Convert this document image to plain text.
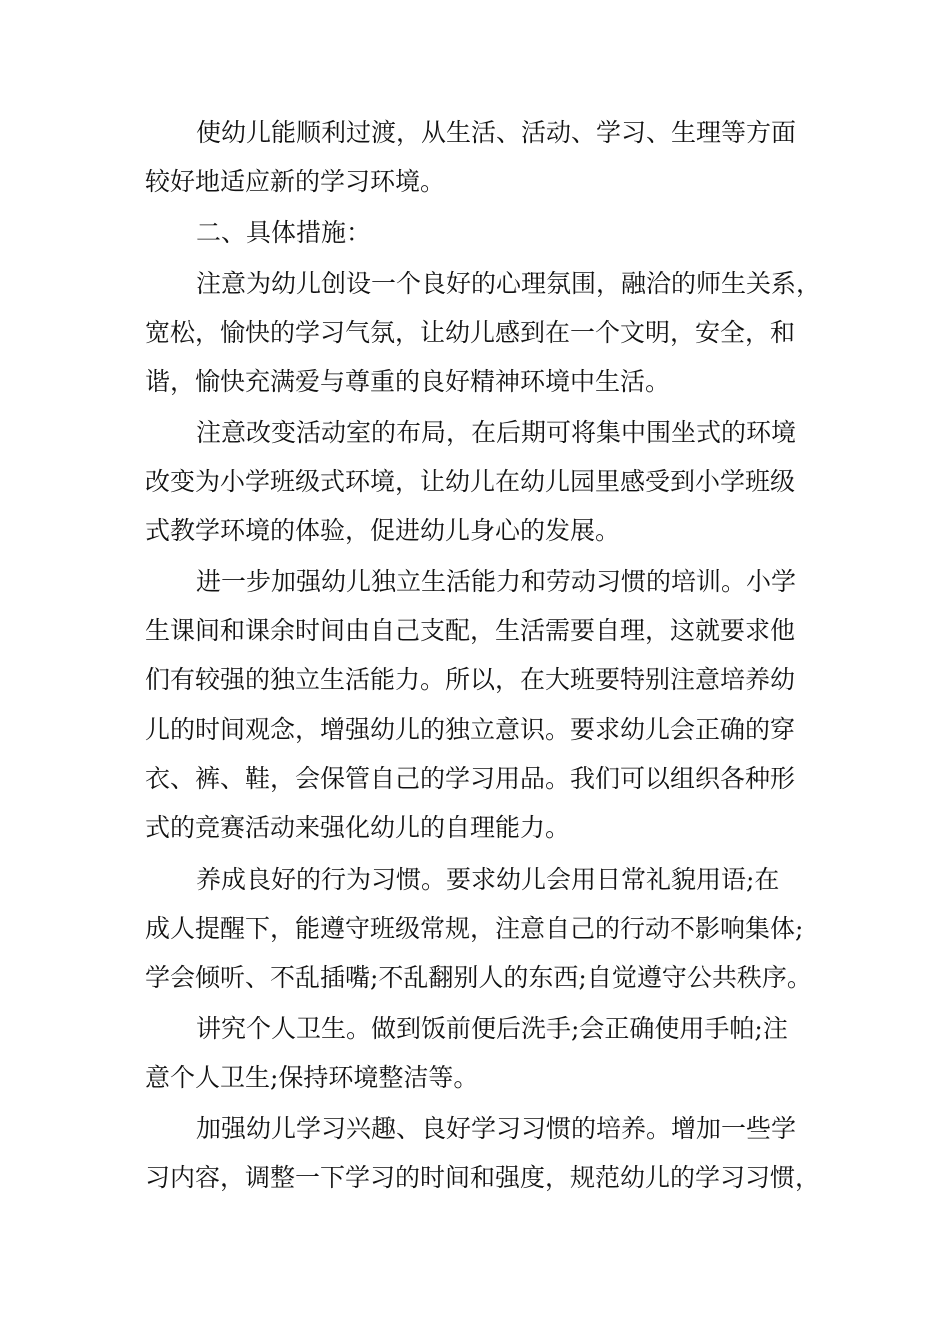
使幼儿能顺利过渡，从生活、活动、学习、生理等方面

较好地适应新的学习环境。

二、具体措施：

注意为幼儿创设一个良好的心理氛围，融洽的师生关系，

宽松，愉快的学习气氛，让幼儿感到在一个文明，安全，和

谐，愉快充满爱与尊重的良好精神环境中生活。

注意改变活动室的布局，在后期可将集中围坐式的环境

改变为小学班级式环境，让幼儿在幼儿园里感受到小学班级

式教学环境的体验，促进幼儿身心的发展。

进一步加强幼儿独立生活能力和劳动习惯的培训。小学

生课间和课余时间由自己支配，生活需要自理，这就要求他

们有较强的独立生活能力。所以，在大班要特别注意培养幼

儿的时间观念，增强幼儿的独立意识。要求幼儿会正确的穿

衣、裤、鞋，会保管自己的学习用品。我们可以组织各种形

式的竞赛活动来强化幼儿的自理能力。

养成良好的行为习惯。要求幼儿会用日常礼貌用语;在

成人提醒下，能遵守班级常规，注意自己的行动不影响集体;

学会倾听、不乱插嘴;不乱翻别人的东西;自觉遵守公共秩序。

讲究个人卫生。做到饭前便后洗手;会正确使用手帕;注

意个人卫生;保持环境整洁等。

加强幼儿学习兴趣、良好学习习惯的培养。增加一些学

习内容，调整一下学习的时间和强度，规范幼儿的学习习惯，
